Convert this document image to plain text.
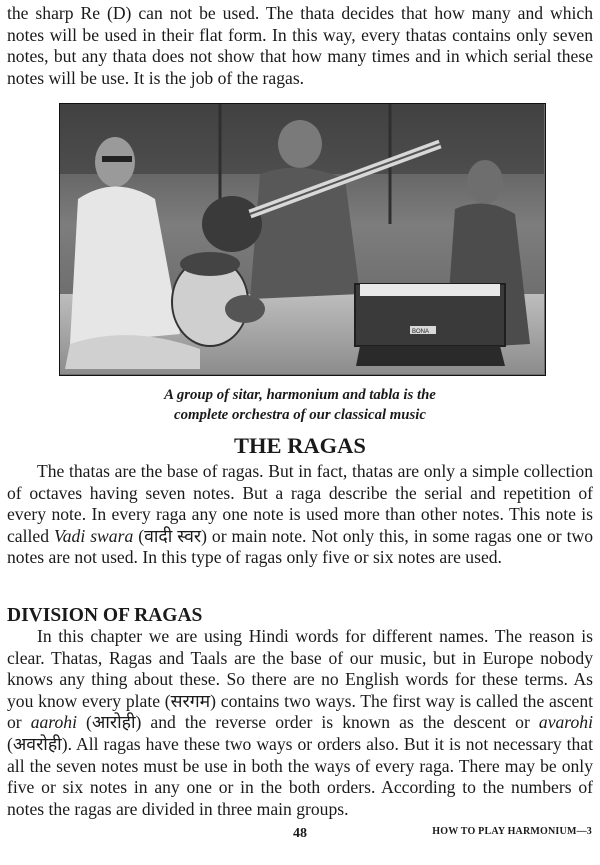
the sharp Re (D) can not be used. The thata decides that how many and which notes will be used in their flat form. In this way, every thatas contains only seven notes, but any thata does not show that how many times and in which serial these notes will be use. It is the job of the ragas.

BONA
A group of sitar, harmonium and tabla is the
complete orchestra of our classical music
THE RAGAS

The thatas are the base of ragas. But in fact, thatas are only a simple collection of octaves having seven notes. But a raga describe the serial and repetition of every note. In every raga any one note is used more than other notes. This note is called Vadi swara (वादी स्वर) or main note. Not only this, in some ragas one or two notes are not used. In this type of ragas only five or six notes are used.

DIVISION OF RAGAS

In this chapter we are using Hindi words for different names. The reason is clear. Thatas, Ragas and Taals are the base of our music, but in Europe nobody knows any thing about these. So there are no English words for these terms. As you know every plate (सरगम) contains two ways. The first way is called the ascent or aarohi (आरोही) and the reverse order is known as the descent or avarohi (अवरोही). All ragas have these two ways or orders also. But it is not necessary that all the seven notes must be use in both the ways of every raga. There may be only five or six notes in any one or in the both orders. According to the numbers of notes the ragas are divided in three main groups.

48	HOW TO PLAY HARMONIUM—3
